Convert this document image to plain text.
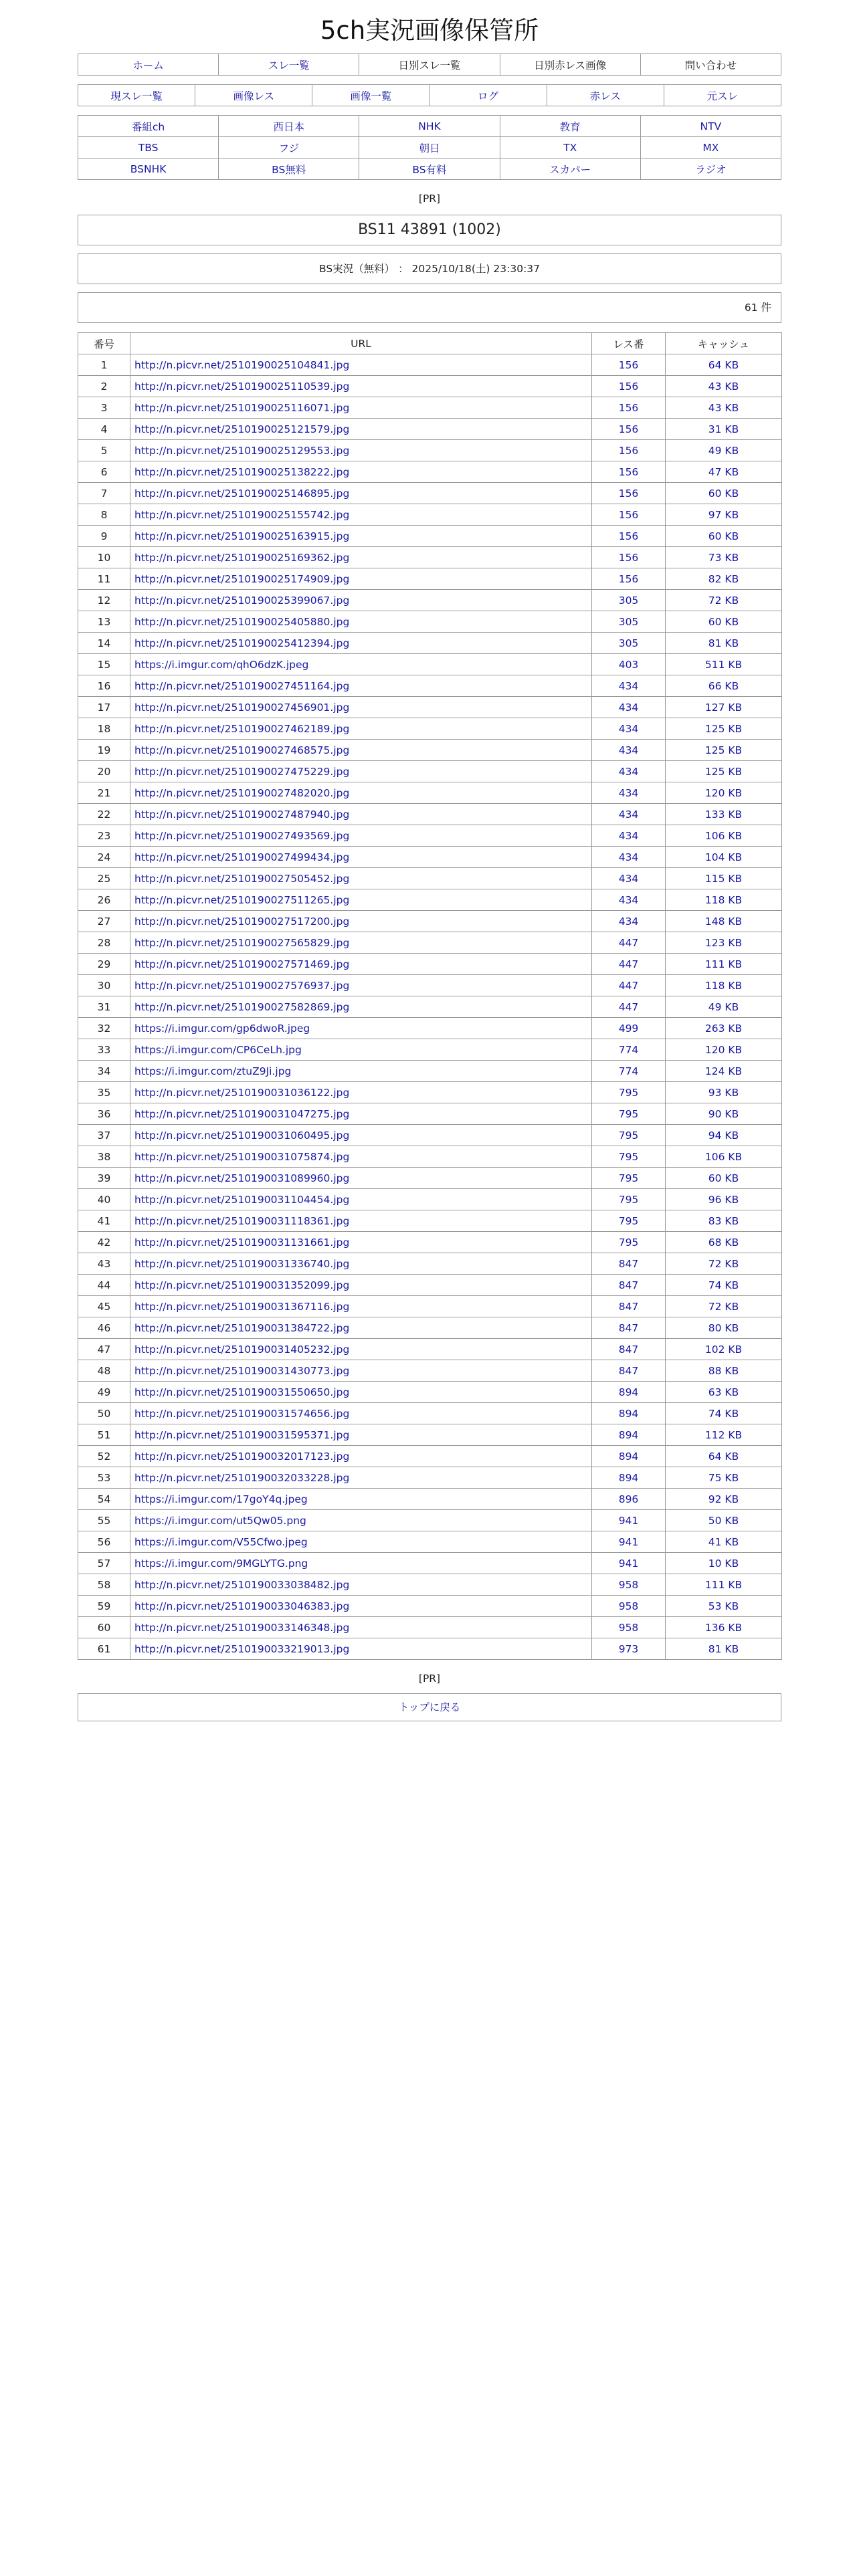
5ch実況画像保管所
ホーム	スレ一覧	日別スレ一覧	日別赤レス画像	問い合わせ
現スレ一覧	画像レス	画像一覧	ログ	赤レス	元スレ
番組ch	西日本	NHK	教育	NTV
TBS	フジ	朝日	TX	MX
BSNHK	BS無料	BS有料	スカパー	ラジオ
[PR]
BS11 43891 (1002)
BS実況（無料） ： 2025/10/18(土) 23:30:37
61 件
番号	URL	レス番	キャッシュ
1	http://n.picvr.net/2510190025104841.jpg	156	64 KB
2	http://n.picvr.net/2510190025110539.jpg	156	43 KB
3	http://n.picvr.net/2510190025116071.jpg	156	43 KB
4	http://n.picvr.net/2510190025121579.jpg	156	31 KB
5	http://n.picvr.net/2510190025129553.jpg	156	49 KB
6	http://n.picvr.net/2510190025138222.jpg	156	47 KB
7	http://n.picvr.net/2510190025146895.jpg	156	60 KB
8	http://n.picvr.net/2510190025155742.jpg	156	97 KB
9	http://n.picvr.net/2510190025163915.jpg	156	60 KB
10	http://n.picvr.net/2510190025169362.jpg	156	73 KB
11	http://n.picvr.net/2510190025174909.jpg	156	82 KB
12	http://n.picvr.net/2510190025399067.jpg	305	72 KB
13	http://n.picvr.net/2510190025405880.jpg	305	60 KB
14	http://n.picvr.net/2510190025412394.jpg	305	81 KB
15	https://i.imgur.com/qhO6dzK.jpeg	403	511 KB
16	http://n.picvr.net/2510190027451164.jpg	434	66 KB
17	http://n.picvr.net/2510190027456901.jpg	434	127 KB
18	http://n.picvr.net/2510190027462189.jpg	434	125 KB
19	http://n.picvr.net/2510190027468575.jpg	434	125 KB
20	http://n.picvr.net/2510190027475229.jpg	434	125 KB
21	http://n.picvr.net/2510190027482020.jpg	434	120 KB
22	http://n.picvr.net/2510190027487940.jpg	434	133 KB
23	http://n.picvr.net/2510190027493569.jpg	434	106 KB
24	http://n.picvr.net/2510190027499434.jpg	434	104 KB
25	http://n.picvr.net/2510190027505452.jpg	434	115 KB
26	http://n.picvr.net/2510190027511265.jpg	434	118 KB
27	http://n.picvr.net/2510190027517200.jpg	434	148 KB
28	http://n.picvr.net/2510190027565829.jpg	447	123 KB
29	http://n.picvr.net/2510190027571469.jpg	447	111 KB
30	http://n.picvr.net/2510190027576937.jpg	447	118 KB
31	http://n.picvr.net/2510190027582869.jpg	447	49 KB
32	https://i.imgur.com/gp6dwoR.jpeg	499	263 KB
33	https://i.imgur.com/CP6CeLh.jpg	774	120 KB
34	https://i.imgur.com/ztuZ9Ji.jpg	774	124 KB
35	http://n.picvr.net/2510190031036122.jpg	795	93 KB
36	http://n.picvr.net/2510190031047275.jpg	795	90 KB
37	http://n.picvr.net/2510190031060495.jpg	795	94 KB
38	http://n.picvr.net/2510190031075874.jpg	795	106 KB
39	http://n.picvr.net/2510190031089960.jpg	795	60 KB
40	http://n.picvr.net/2510190031104454.jpg	795	96 KB
41	http://n.picvr.net/2510190031118361.jpg	795	83 KB
42	http://n.picvr.net/2510190031131661.jpg	795	68 KB
43	http://n.picvr.net/2510190031336740.jpg	847	72 KB
44	http://n.picvr.net/2510190031352099.jpg	847	74 KB
45	http://n.picvr.net/2510190031367116.jpg	847	72 KB
46	http://n.picvr.net/2510190031384722.jpg	847	80 KB
47	http://n.picvr.net/2510190031405232.jpg	847	102 KB
48	http://n.picvr.net/2510190031430773.jpg	847	88 KB
49	http://n.picvr.net/2510190031550650.jpg	894	63 KB
50	http://n.picvr.net/2510190031574656.jpg	894	74 KB
51	http://n.picvr.net/2510190031595371.jpg	894	112 KB
52	http://n.picvr.net/2510190032017123.jpg	894	64 KB
53	http://n.picvr.net/2510190032033228.jpg	894	75 KB
54	https://i.imgur.com/17goY4q.jpeg	896	92 KB
55	https://i.imgur.com/ut5Qw05.png	941	50 KB
56	https://i.imgur.com/V55Cfwo.jpeg	941	41 KB
57	https://i.imgur.com/9MGLYTG.png	941	10 KB
58	http://n.picvr.net/2510190033038482.jpg	958	111 KB
59	http://n.picvr.net/2510190033046383.jpg	958	53 KB
60	http://n.picvr.net/2510190033146348.jpg	958	136 KB
61	http://n.picvr.net/2510190033219013.jpg	973	81 KB
[PR]
トップに戻る
